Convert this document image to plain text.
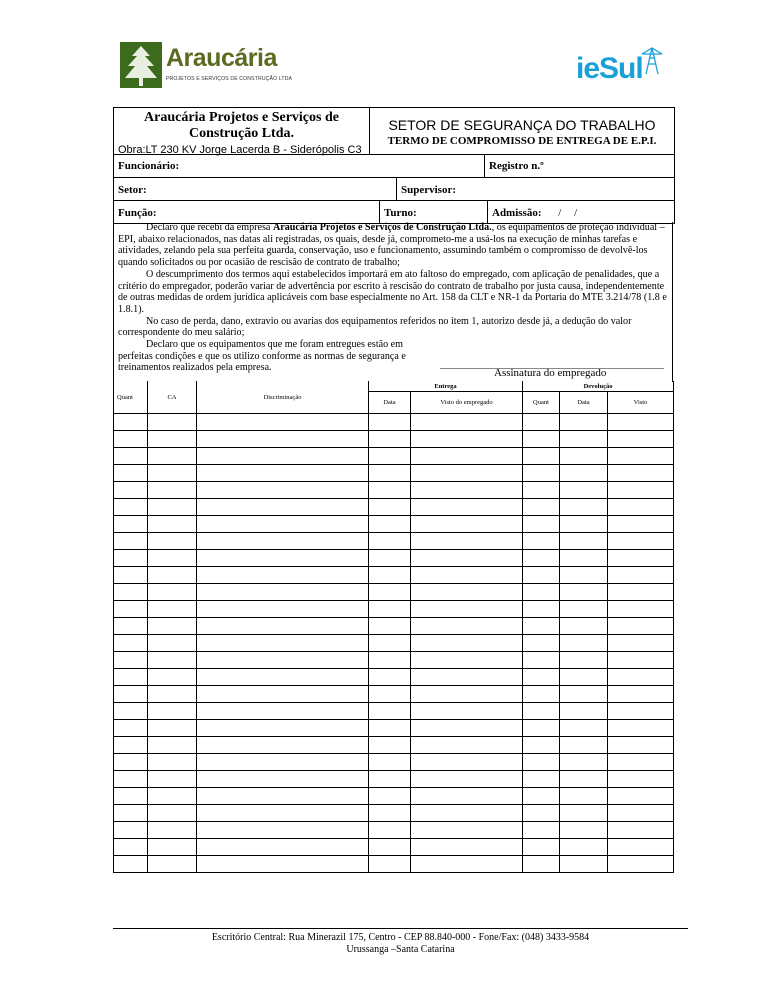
Araucária
PROJETOS E SERVIÇOS DE CONSTRUÇÃO LTDA	ieSul
Araucária Projetos e Serviços de Construção Ltda.
Obra:LT 230 KV Jorge Lacerda B - Siderópolis C3
SETOR DE SEGURANÇA DO TRABALHO
TERMO DE COMPROMISSO DE ENTREGA DE E.P.I.
Funcionário:	Registro n.º
Setor:	Supervisor:
Função:	Turno:	Admissão: / /

Declaro que recebi da empresa Araucária Projetos e Serviços de Construção Ltda., os equipamentos de proteção individual – EPI, abaixo relacionados, nas datas ali registradas, os quais, desde já, comprometo-me a usá-los na execução de minhas tarefas e atividades, zelando pela sua perfeita guarda, conservação, uso e funcionamento, assumindo também o compromisso de devolvê-los quando solicitados ou por ocasião de rescisão de contrato de trabalho;

O descumprimento dos termos aqui estabelecidos importará em ato faltoso do empregado, com aplicação de penalidades, que a critério do empregador, poderão variar de advertência por escrito à rescisão do contrato de trabalho por justa causa, independentemente de outras medidas de ordem jurídica aplicáveis com base especialmente no Art. 158 da CLT e NR-1 da Portaria do MTE 3.214/78 (1.8 e 1.8.1).

No caso de perda, dano, extravio ou avarias dos equipamentos referidos no item 1, autorizo desde já, a dedução do valor correspondente do meu salário;

Declaro que os equipamentos que me foram entregues estão em

perfeitas condições e que os utilizo conforme as normas de segurança e

treinamentos realizados pela empresa.	Assinatura do empregado
Quant	CA	Discriminação	Entrega		Devolução		
			Data	Visto do empregado	Quant	Data	Visto

Escritório Central: Rua Minerazil 175, Centro - CEP 88.840-000 - Fone/Fax: (048) 3433-9584
Urussanga –Santa Catarina
